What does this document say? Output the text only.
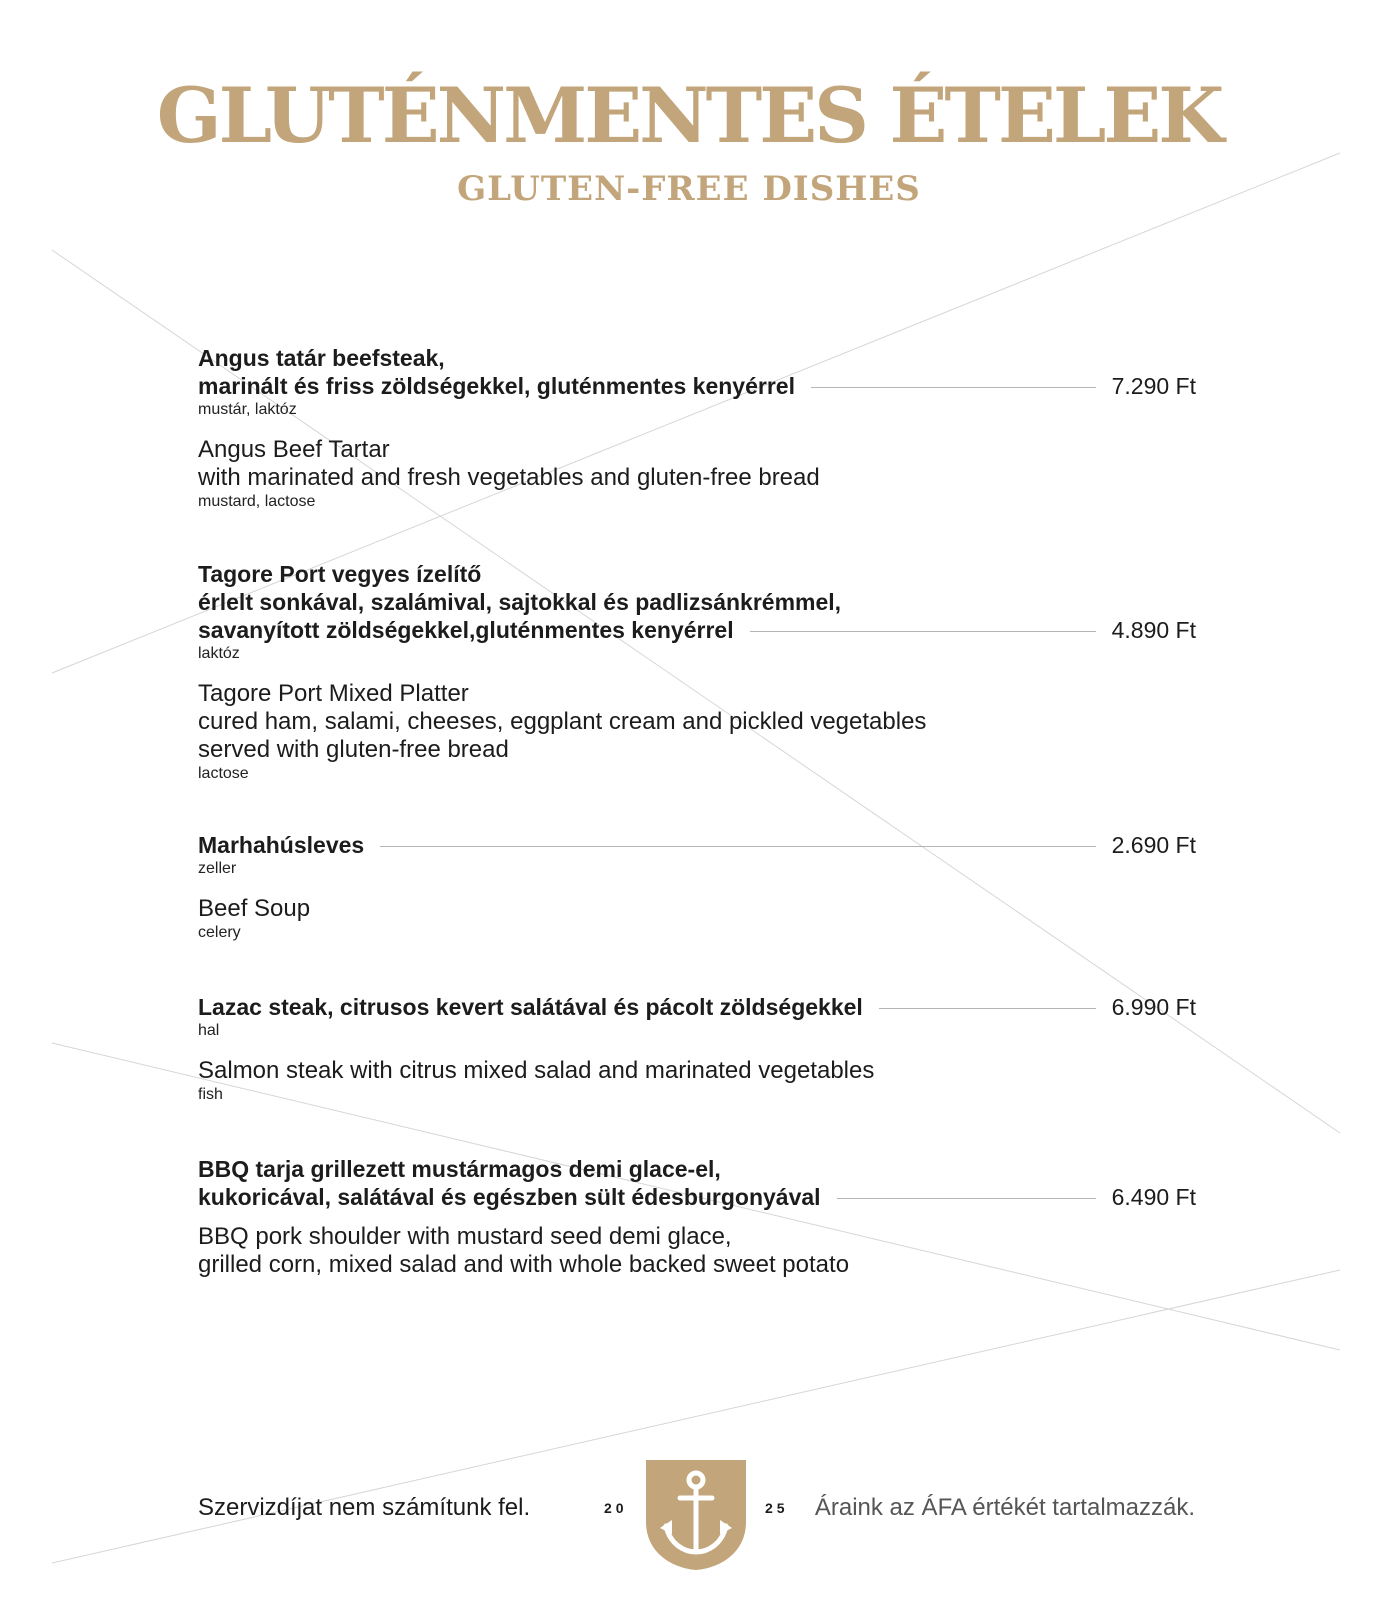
GLUTÉNMENTES ÉTELEK
GLUTEN-FREE DISHES
Angus tatár beefsteak,
marinált és friss zöldségekkel, gluténmentes kenyérrel	7.290 Ft
mustár, laktóz
Angus Beef Tartar
with marinated and fresh vegetables and gluten-free bread
mustard, lactose
Tagore Port vegyes ízelítő
érlelt sonkával, szalámival, sajtokkal és padlizsánkrémmel,
savanyított zöldségekkel,gluténmentes kenyérrel	4.890 Ft
laktóz
Tagore Port Mixed Platter
cured ham, salami, cheeses, eggplant cream and pickled vegetables
served with gluten-free bread
lactose
Marhahúsleves	2.690 Ft
zeller
Beef Soup
celery
Lazac steak, citrusos kevert salátával és pácolt zöldségekkel	6.990 Ft
hal
Salmon steak with citrus mixed salad and marinated vegetables
fish
BBQ tarja grillezett mustármagos demi glace-el,
kukoricával, salátával és egészben sült édesburgonyával	6.490 Ft
BBQ pork shoulder with mustard seed demi glace,
grilled corn, mixed salad and with whole backed sweet potato
Szervizdíjat nem számítunk fel.	20	25 Áraink az ÁFA értékét tartalmazzák.
